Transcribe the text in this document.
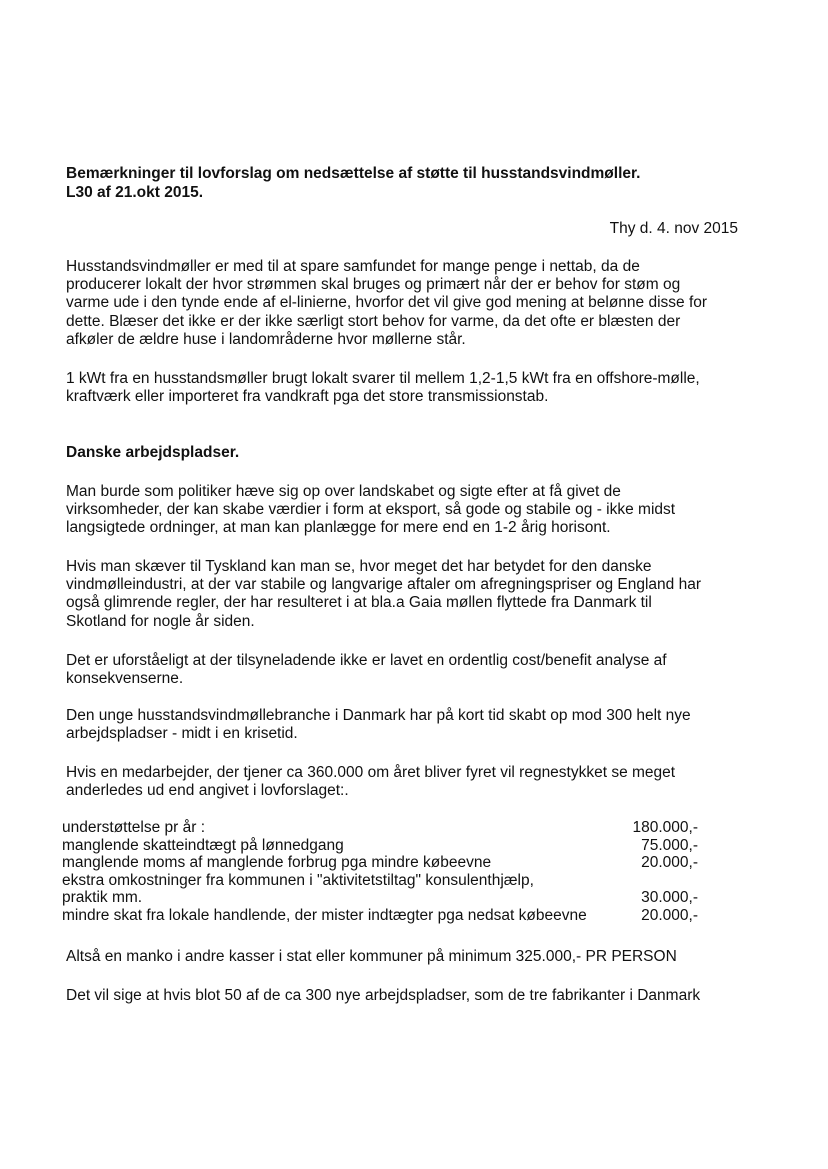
Bemærkninger til lovforslag om nedsættelse af støtte til husstandsvindmøller.
L30 af 21.okt 2015.
Thy d. 4. nov 2015
Husstandsvindmøller er med til at spare samfundet for mange penge i nettab, da de
producerer lokalt der hvor strømmen skal bruges og primært når der er behov for støm og
varme ude i den tynde ende af el-linierne, hvorfor det vil give god mening at belønne disse for
dette. Blæser det ikke er der ikke særligt stort behov for varme, da det ofte er blæsten der
afkøler de ældre huse i landområderne hvor møllerne står.
1 kWt fra en husstandsmøller brugt lokalt svarer til mellem 1,2-1,5 kWt fra en offshore-mølle,
kraftværk eller importeret fra vandkraft pga det store transmissionstab.
Danske arbejdspladser.
Man burde som politiker hæve sig op over landskabet og sigte efter at få givet de
virksomheder, der kan skabe værdier i form at eksport, så gode og stabile og - ikke midst
langsigtede ordninger, at man kan planlægge for mere end en 1-2 årig horisont.
Hvis man skæver til Tyskland kan man se, hvor meget det har betydet for den danske
vindmølleindustri, at der var stabile og langvarige aftaler om afregningspriser og England har
også glimrende regler, der har resulteret i at bla.a Gaia møllen flyttede fra Danmark til
Skotland for nogle år siden.
Det er uforståeligt at der tilsyneladende ikke er lavet en ordentlig cost/benefit analyse af
konsekvenserne.
Den unge husstandsvindmøllebranche i Danmark har på kort tid skabt op mod 300 helt nye
arbejdspladser - midt i en krisetid.
Hvis en medarbejder, der tjener ca 360.000 om året bliver fyret vil regnestykket se meget
anderledes ud end angivet i lovforslaget:.
understøttelse pr år :	180.000,-
manglende skatteindtægt på lønnedgang	75.000,-
manglende moms af manglende forbrug pga mindre købeevne	20.000,-
ekstra omkostninger fra kommunen i "aktivitetstiltag" konsulenthjælp,
praktik mm.	30.000,-
mindre skat fra lokale handlende, der mister indtægter pga nedsat købeevne	20.000,-
Altså en manko i andre kasser i stat eller kommuner på minimum 325.000,- PR PERSON
Det vil sige at hvis blot 50 af de ca 300 nye arbejdspladser, som de tre fabrikanter i Danmark
